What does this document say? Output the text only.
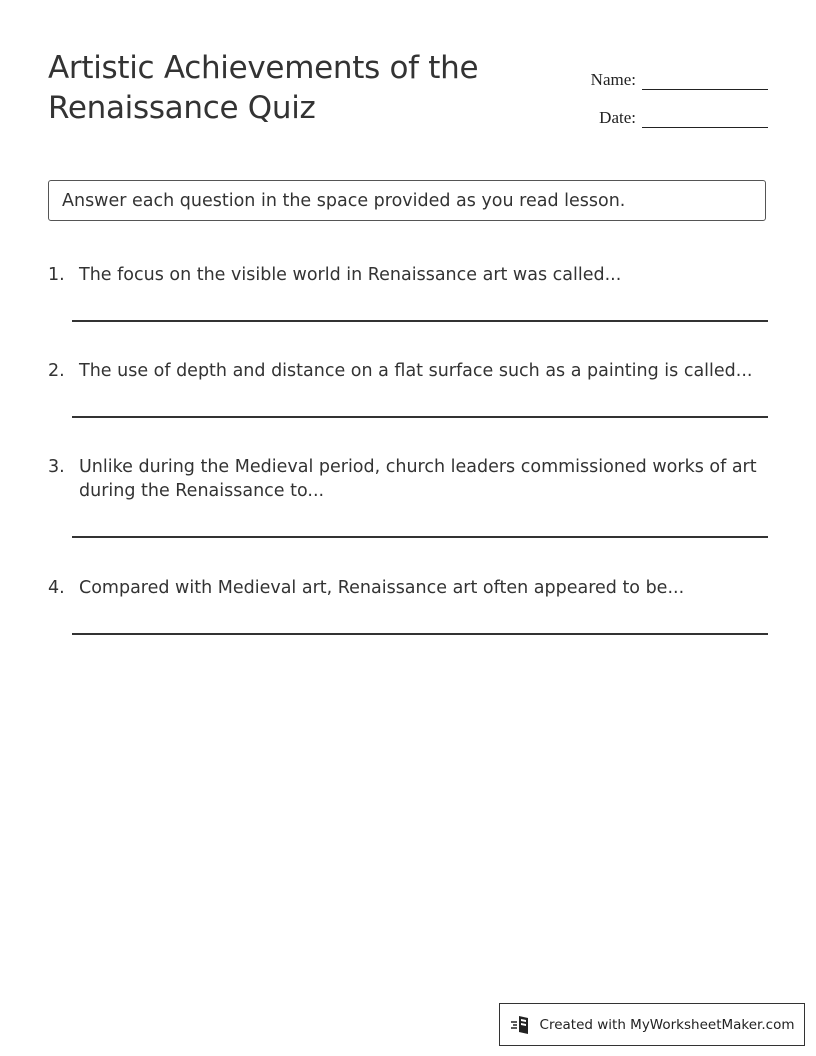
Artistic Achievements of the Renaissance Quiz
Name:
Date:
Answer each question in the space provided as you read lesson.
1. The focus on the visible world in Renaissance art was called...
2. The use of depth and distance on a flat surface such as a painting is called...
3. Unlike during the Medieval period, church leaders commissioned works of art during the Renaissance to...
4. Compared with Medieval art, Renaissance art often appeared to be...
Created with MyWorksheetMaker.com
